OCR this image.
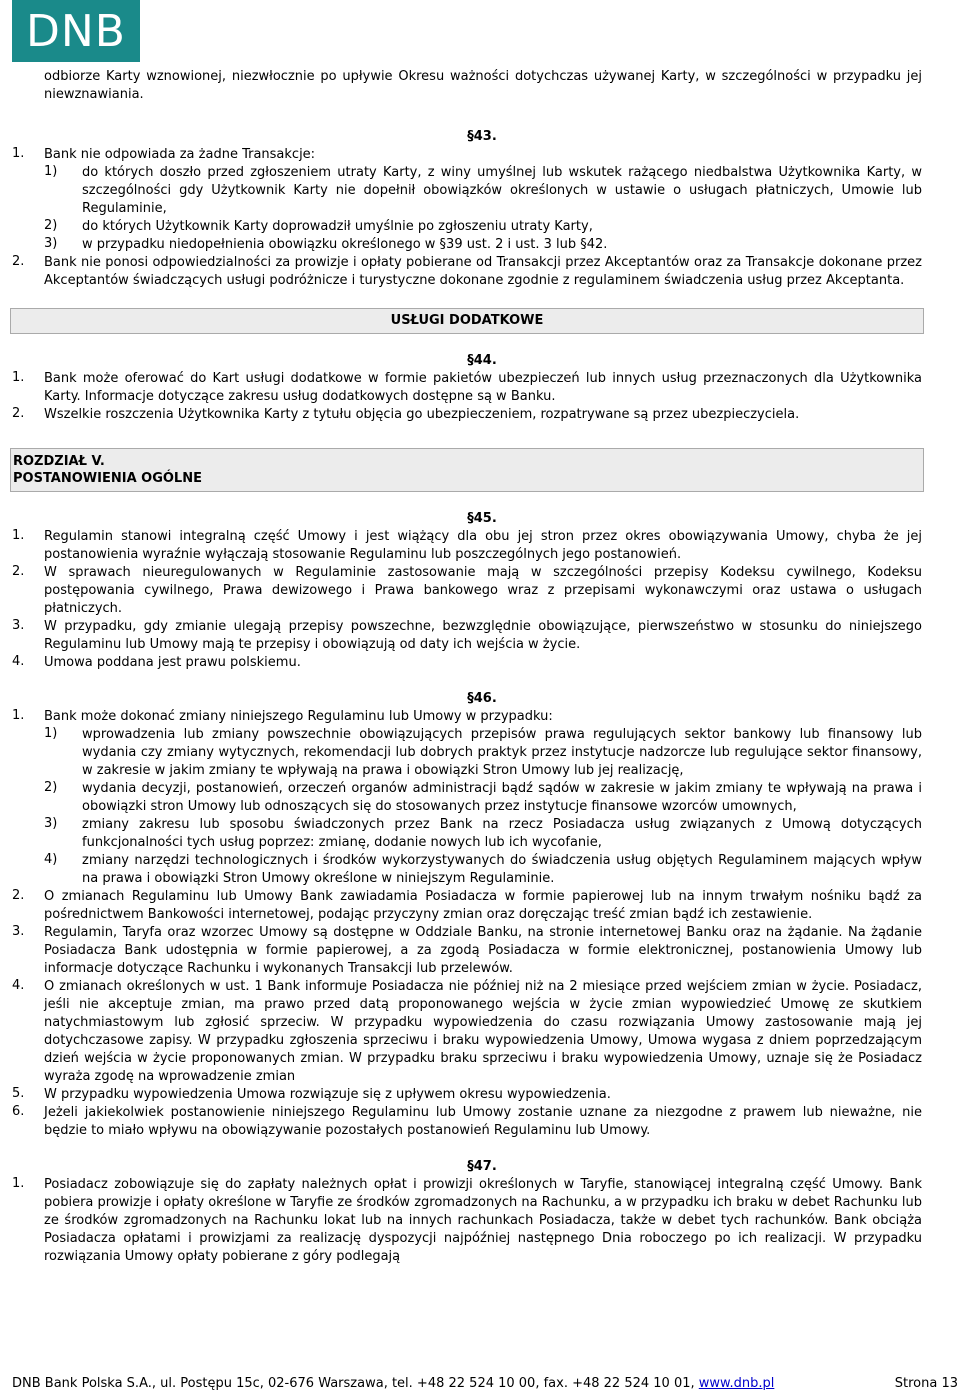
DNB

odbiorze Karty wznowionej, niezwłocznie po upływie Okresu ważności dotychczas używanej Karty, w szczególności w przypadku jej niewznawiania.

§43.
1.	Bank nie odpowiada za żadne Transakcje:
1)	do których doszło przed zgłoszeniem utraty Karty, z winy umyślnej lub wskutek rażącego niedbalstwa Użytkownika Karty, w szczególności gdy Użytkownik Karty nie dopełnił obowiązków określonych w ustawie o usługach płatniczych, Umowie lub Regulaminie,
2)	do których Użytkownik Karty doprowadził umyślnie po zgłoszeniu utraty Karty,
3)	w przypadku niedopełnienia obowiązku określonego w §39 ust. 2 i ust. 3 lub §42.
2.	Bank nie ponosi odpowiedzialności za prowizje i opłaty pobierane od Transakcji przez Akceptantów oraz za Transakcje dokonane przez Akceptantów świadczących usługi podróżnicze i turystyczne dokonane zgodnie z regulaminem świadczenia usług przez Akceptanta.
USŁUGI DODATKOWE
§44.
1.	Bank może oferować do Kart usługi dodatkowe w formie pakietów ubezpieczeń lub innych usług przeznaczonych dla Użytkownika Karty. Informacje dotyczące zakresu usług dodatkowych dostępne są w Banku.
2.	Wszelkie roszczenia Użytkownika Karty z tytułu objęcia go ubezpieczeniem, rozpatrywane są przez ubezpieczyciela.
ROZDZIAŁ V.
POSTANOWIENIA OGÓLNE
§45.
1.	Regulamin stanowi integralną część Umowy i jest wiążący dla obu jej stron przez okres obowiązywania Umowy, chyba że jej postanowienia wyraźnie wyłączają stosowanie Regulaminu lub poszczególnych jego postanowień.
2.	W sprawach nieuregulowanych w Regulaminie zastosowanie mają w szczególności przepisy Kodeksu cywilnego, Kodeksu postępowania cywilnego, Prawa dewizowego i Prawa bankowego wraz z przepisami wykonawczymi oraz ustawa o usługach płatniczych.
3.	W przypadku, gdy zmianie ulegają przepisy powszechne, bezwzględnie obowiązujące, pierwszeństwo w stosunku do niniejszego Regulaminu lub Umowy mają te przepisy i obowiązują od daty ich wejścia w życie.
4.	Umowa poddana jest prawu polskiemu.
§46.
1.	Bank może dokonać zmiany niniejszego Regulaminu lub Umowy w przypadku:
1)	wprowadzenia lub zmiany powszechnie obowiązujących przepisów prawa regulujących sektor bankowy lub finansowy lub wydania czy zmiany wytycznych, rekomendacji lub dobrych praktyk przez instytucje nadzorcze lub regulujące sektor finansowy, w zakresie w jakim zmiany te wpływają na prawa i obowiązki Stron Umowy lub jej realizację,
2)	wydania decyzji, postanowień, orzeczeń organów administracji bądź sądów w zakresie w jakim zmiany te wpływają na prawa i obowiązki stron Umowy lub odnoszących się do stosowanych przez instytucje finansowe wzorców umownych,
3)	zmiany zakresu lub sposobu świadczonych przez Bank na rzecz Posiadacza usług związanych z Umową dotyczących funkcjonalności tych usług poprzez: zmianę, dodanie nowych lub ich wycofanie,
4)	zmiany narzędzi technologicznych i środków wykorzystywanych do świadczenia usług objętych Regulaminem mających wpływ na prawa i obowiązki Stron Umowy określone w niniejszym Regulaminie.
2.	O zmianach Regulaminu lub Umowy Bank zawiadamia Posiadacza w formie papierowej lub na innym trwałym nośniku bądź za pośrednictwem Bankowości internetowej, podając przyczyny zmian oraz doręczając treść zmian bądź ich zestawienie.
3.	Regulamin, Taryfa oraz wzorzec Umowy są dostępne w Oddziale Banku, na stronie internetowej Banku oraz na żądanie. Na żądanie Posiadacza Bank udostępnia w formie papierowej, a za zgodą Posiadacza w formie elektronicznej, postanowienia Umowy lub informacje dotyczące Rachunku i wykonanych Transakcji lub przelewów.
4.	O zmianach określonych w ust. 1 Bank informuje Posiadacza nie później niż na 2 miesiące przed wejściem zmian w życie. Posiadacz, jeśli nie akceptuje zmian, ma prawo przed datą proponowanego wejścia w życie zmian wypowiedzieć Umowę ze skutkiem natychmiastowym lub zgłosić sprzeciw. W przypadku wypowiedzenia do czasu rozwiązania Umowy zastosowanie mają jej dotychczasowe zapisy. W przypadku zgłoszenia sprzeciwu i braku wypowiedzenia Umowy, Umowa wygasa z dniem poprzedzającym dzień wejścia w życie proponowanych zmian. W przypadku braku sprzeciwu i braku wypowiedzenia Umowy, uznaje się że Posiadacz wyraża zgodę na wprowadzenie zmian
5.	W przypadku wypowiedzenia Umowa rozwiązuje się z upływem okresu wypowiedzenia.
6.	Jeżeli jakiekolwiek postanowienie niniejszego Regulaminu lub Umowy zostanie uznane za niezgodne z prawem lub nieważne, nie będzie to miało wpływu na obowiązywanie pozostałych postanowień Regulaminu lub Umowy.
§47.
1.	Posiadacz zobowiązuje się do zapłaty należnych opłat i prowizji określonych w Taryfie, stanowiącej integralną część Umowy. Bank pobiera prowizje i opłaty określone w Taryfie ze środków zgromadzonych na Rachunku, a w przypadku ich braku w debet Rachunku lub ze środków zgromadzonych na Rachunku lokat lub na innych rachunkach Posiadacza, także w debet tych rachunków. Bank obciąża Posiadacza opłatami i prowizjami za realizację dyspozycji najpóźniej następnego Dnia roboczego po ich realizacji. W przypadku rozwiązania Umowy opłaty pobierane z góry podlegają
DNB Bank Polska S.A., ul. Postępu 15c, 02-676 Warszawa, tel. +48 22 524 10 00, fax. +48 22 524 10 01, www.dnb.pl	Strona 13
